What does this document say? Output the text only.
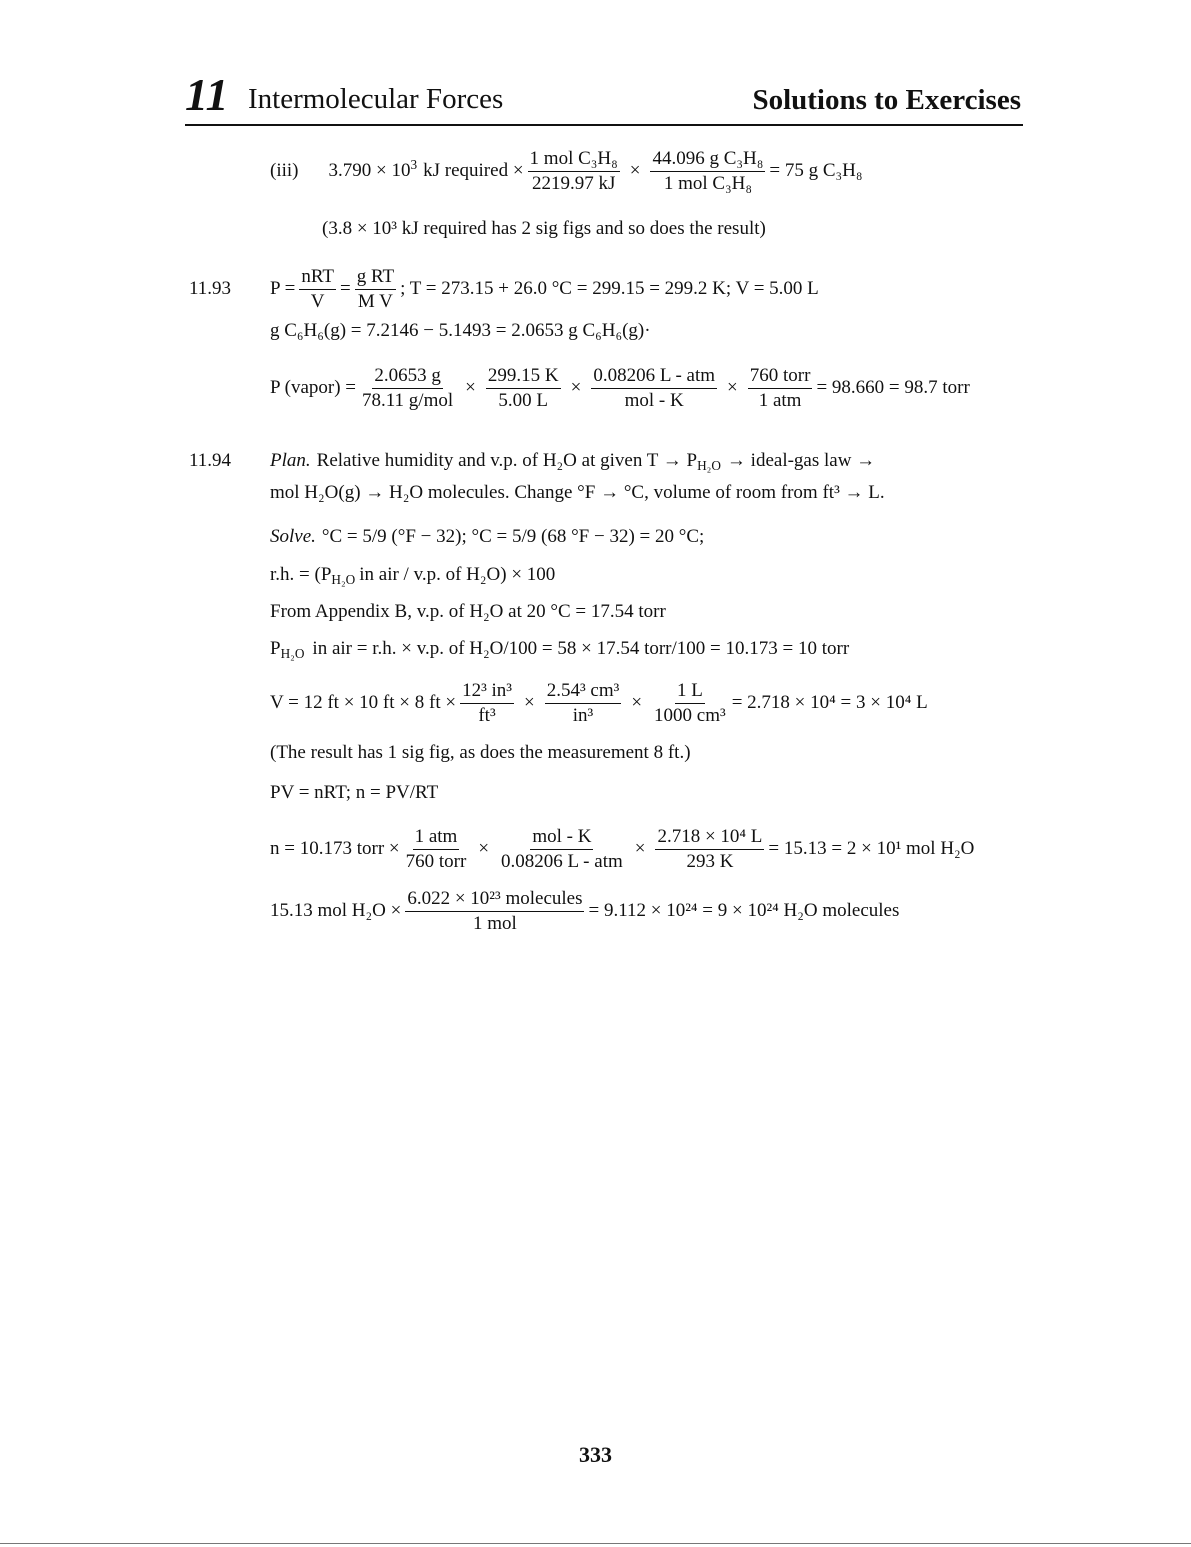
11 Intermolecular Forces	Solutions to Exercises
(iii) $3.790 \times 10^3$ kJ required × $\frac{\text{1 mol C₃H₈}}{2219.97 kJ} \times \frac{\text{44.096 g C₃H₈}}{\text{1 mol C₃H₈}} = 75$ g C₃H₈
(3.8 × 10³ kJ required has 2 sig figs and so does the result)
11.93 $P = \frac{\text{nRT}}{V} = \frac{\text{g RT}}{\text{M V}}$ ; T = 273.15 + 26.0 °C = 299.15 = 299.2 K; V = 5.00 L
g C₆H₆(g) = 7.2146 − 5.1493 = 2.0653 g C₆H₆(g)·
P (vapor) = $\frac{2.0653 g}{\text{78.11 g/mol}} \times \frac{299.15 K}{5.00 L} \times \frac{\text{0.08206 L - atm}}{\text{mol - K}} \times \frac{\text{760 torr}}{\text{1 atm}} = 98.660 = 98.7$ torr
11.94 Plan. Relative humidity and v.p. of H₂O at given $T \to P_{H_2O}$ → ideal-gas law →
mol H₂O(g) → H₂O molecules. Change °F → °C, volume of room from ft³ → L.
Solve. °C = 5/9 (°F − 32); °C = 5/9 (68 °F − 32) = 20 °C;
r.h. = ($P_{H_2O}$ in air / v.p. of H₂O) × 100
From Appendix B, v.p. of H₂O at 20 °C = 17.54 torr
$P_{H_2O}$ in air = r.h. × v.p. of H₂O/100 = 58 × 17.54 torr/100 = 10.173 = 10 torr
V = 12 ft × 10 ft × 8 ft × $\frac{\text{12³ in³}}{\text{ft³}} \times \frac{\text{2.54³ cm³}}{\text{in³}} \times \frac{1 L}{\text{1000 cm³}} = 2.718 \times 10^4 = 3 \times 10^4$ L
(The result has 1 sig fig, as does the measurement 8 ft.)
PV = nRT; n = PV/RT
n = 10.173 torr × $\frac{\text{1 atm}}{\text{760 torr}} \times \frac{\text{mol - K}}{\text{0.08206 L - atm}} \times \frac{\text{2.718 × 10⁴ L}}{293 K} = 15.13 = 2 \times 10^1$ mol H₂O
15.13 mol $H_2O \times \frac{\text{6.022 × 10²³ molecules}}{\text{1 mol}} = 9.112 \times 10^{24} = 9 \times 10^{24}$ H₂O molecules
333
